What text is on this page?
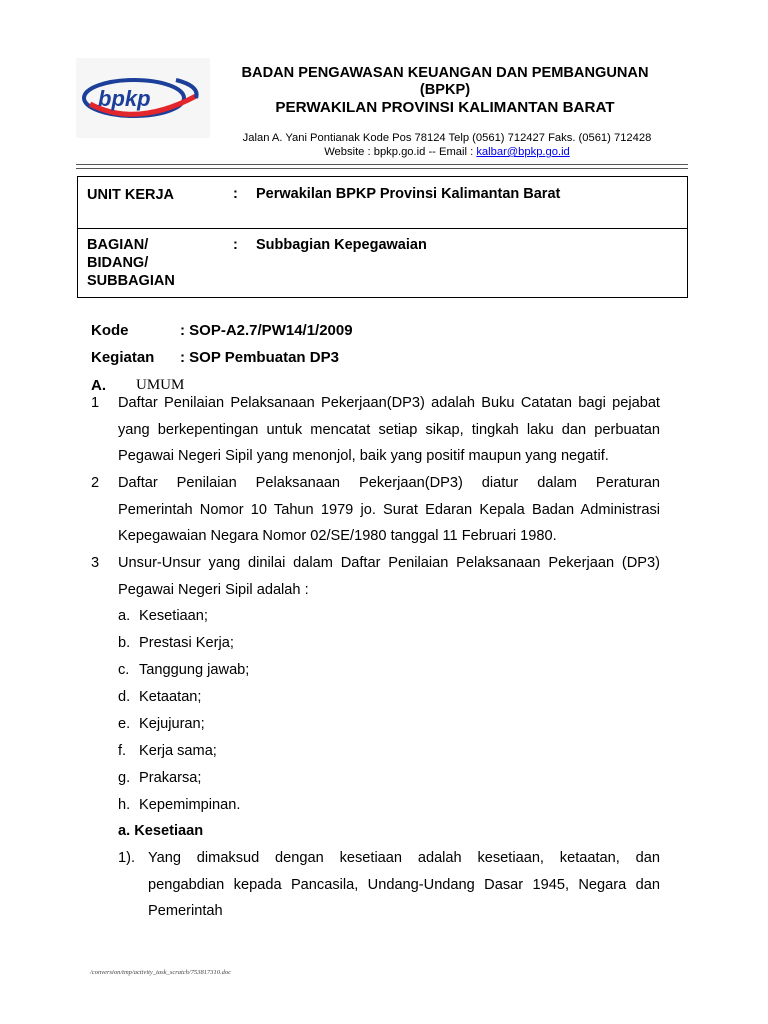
bpkp
BADAN PENGAWASAN KEUANGAN DAN PEMBANGUNAN
(BPKP)
PERWAKILAN PROVINSI KALIMANTAN BARAT
Jalan A. Yani Pontianak Kode Pos 78124 Telp (0561) 712427 Faks. (0561) 712428
Website : bpkp.go.id -- Email : kalbar@bpkp.go.id
UNIT KERJA	: Perwakilan BPKP Provinsi Kalimantan Barat
BAGIAN/
BIDANG/
SUBBAGIAN
: Subbagian Kepegawaian
Kode	: SOP-A2.7/PW14/1/2009
Kegiatan : SOP Pembuatan DP3
A. UMUM
1 Daftar Penilaian Pelaksanaan Pekerjaan(DP3) adalah Buku Catatan bagi pejabat
yang berkepentingan untuk mencatat setiap sikap, tingkah laku dan perbuatan
Pegawai Negeri Sipil yang menonjol, baik yang positif maupun yang negatif.
2 Daftar Penilaian Pelaksanaan Pekerjaan(DP3) diatur dalam Peraturan
Pemerintah Nomor 10 Tahun 1979 jo. Surat Edaran Kepala Badan Administrasi
Kepegawaian Negara Nomor 02/SE/1980 tanggal 11 Februari 1980.
3 Unsur-Unsur yang dinilai dalam Daftar Penilaian Pelaksanaan Pekerjaan (DP3)
Pegawai Negeri Sipil adalah :
a. Kesetiaan;
b. Prestasi Kerja;
c. Tanggung jawab;
d. Ketaatan;
e. Kejujuran;
f. Kerja sama;
g. Prakarsa;
h. Kepemimpinan.
a. Kesetiaan
1). Yang dimaksud dengan kesetiaan adalah kesetiaan, ketaatan, dan
pengabdian kepada Pancasila, Undang-Undang Dasar 1945, Negara dan
Pemerintah
/conversion/tmp/activity_task_scratch/753817310.doc
